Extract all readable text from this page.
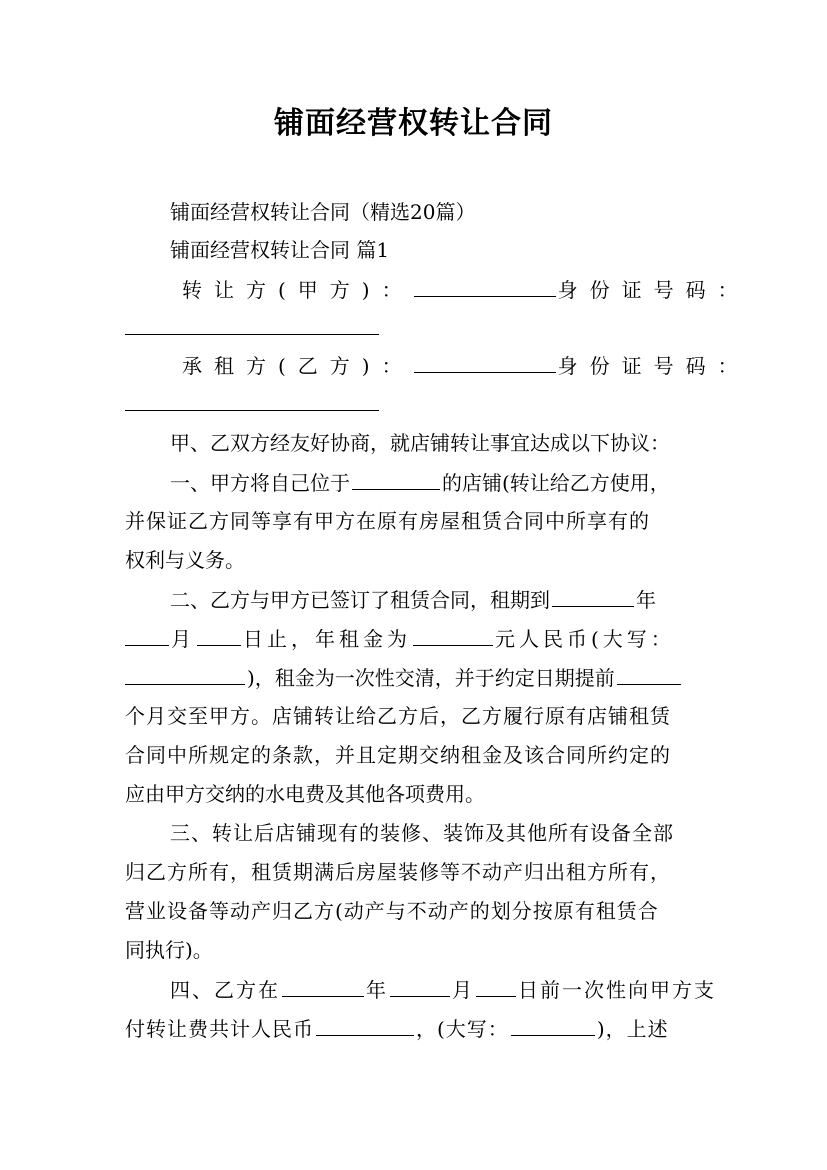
铺面经营权转让合同
铺面经营权转让合同（精选20篇）
铺面经营权转让合同 篇1
转让方(甲方)：	身份证号码：
承租方(乙方)：	身份证号码：
甲、乙双方经友好协商，就店铺转让事宜达成以下协议：
一、甲方将自己位于	的店铺(转让给乙方使用，
并保证乙方同等享有甲方在原有房屋租赁合同中所享有的
权利与义务。
二、乙方与甲方已签订了租赁合同，租期到	年
月 日止，年租金为	元人民币(大写：
)，租金为一次性交清，并于约定日期提前
个月交至甲方。店铺转让给乙方后，乙方履行原有店铺租赁
合同中所规定的条款，并且定期交纳租金及该合同所约定的
应由甲方交纳的水电费及其他各项费用。
三、转让后店铺现有的装修、装饰及其他所有设备全部
归乙方所有，租赁期满后房屋装修等不动产归出租方所有，
营业设备等动产归乙方(动产与不动产的划分按原有租赁合
同执行)。
四、乙方在	年	月 日前一次性向甲方支
付转让费共计人民币	，(大写：	)，上述
